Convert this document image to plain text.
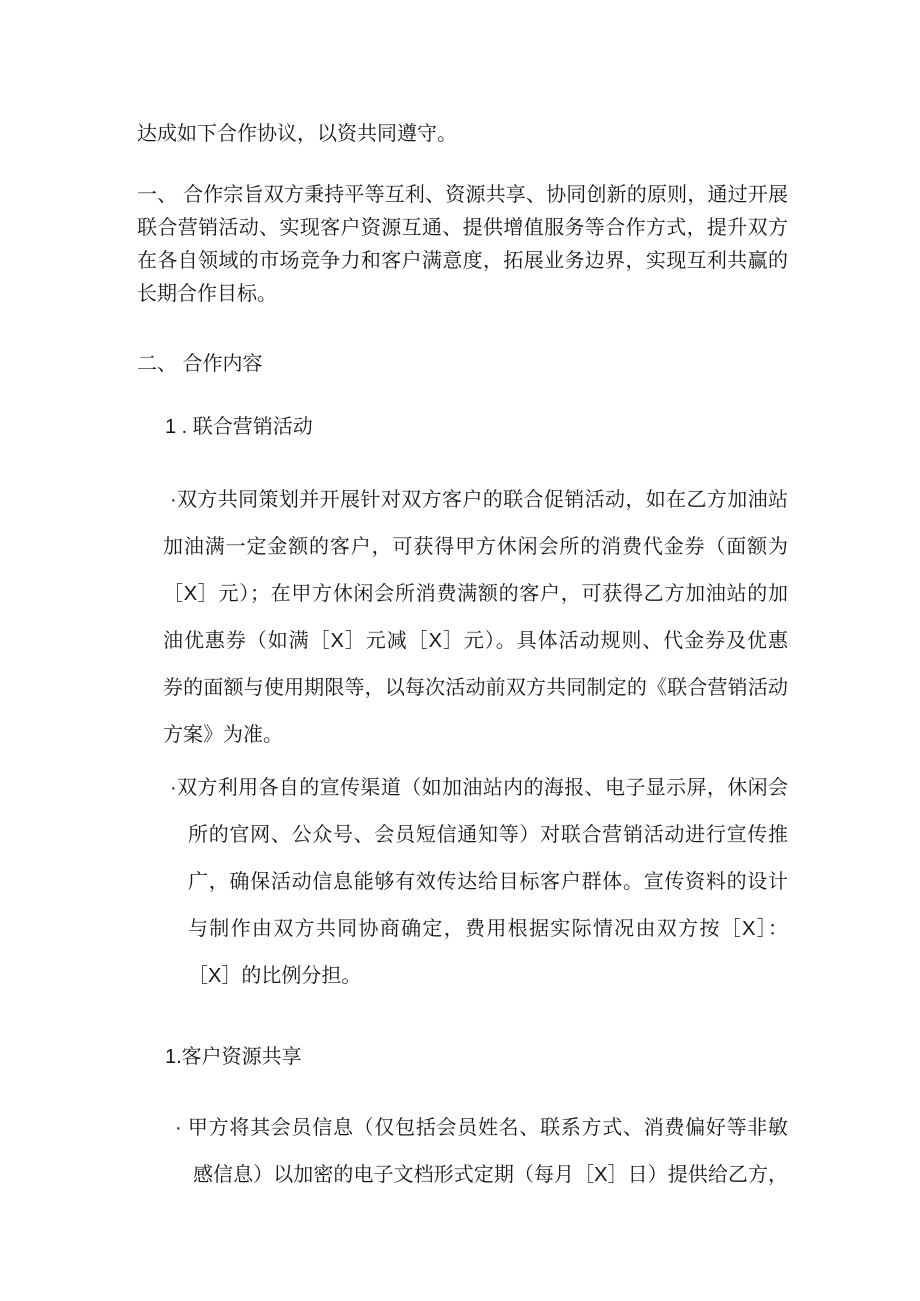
达成如下合作协议，以资共同遵守。
一、 合作宗旨双方秉持平等互利、资源共享、协同创新的原则，通过开展
联合营销活动、实现客户资源互通、提供增值服务等合作方式，提升双方
在各自领域的市场竞争力和客户满意度，拓展业务边界，实现互利共赢的
长期合作目标。
二、 合作内容
1 . 联合营销活动
·双方共同策划并开展针对双方客户的联合促销活动，如在乙方加油站
加油满一定金额的客户，可获得甲方休闲会所的消费代金券（面额为
［X］元）；在甲方休闲会所消费满额的客户，可获得乙方加油站的加
油优惠券（如满［X］元减［X］元）。具体活动规则、代金券及优惠
券的面额与使用期限等，以每次活动前双方共同制定的《联合营销活动
方案》为准。
·双方利用各自的宣传渠道（如加油站内的海报、电子显示屏，休闲会
所的官网、公众号、会员短信通知等）对联合营销活动进行宣传推
广，确保活动信息能够有效传达给目标客户群体。宣传资料的设计
与制作由双方共同协商确定，费用根据实际情况由双方按［X］：
［X］的比例分担。
1.客户资源共享
· 甲方将其会员信息（仅包括会员姓名、联系方式、消费偏好等非敏
感信息）以加密的电子文档形式定期（每月［X］日）提供给乙方，
